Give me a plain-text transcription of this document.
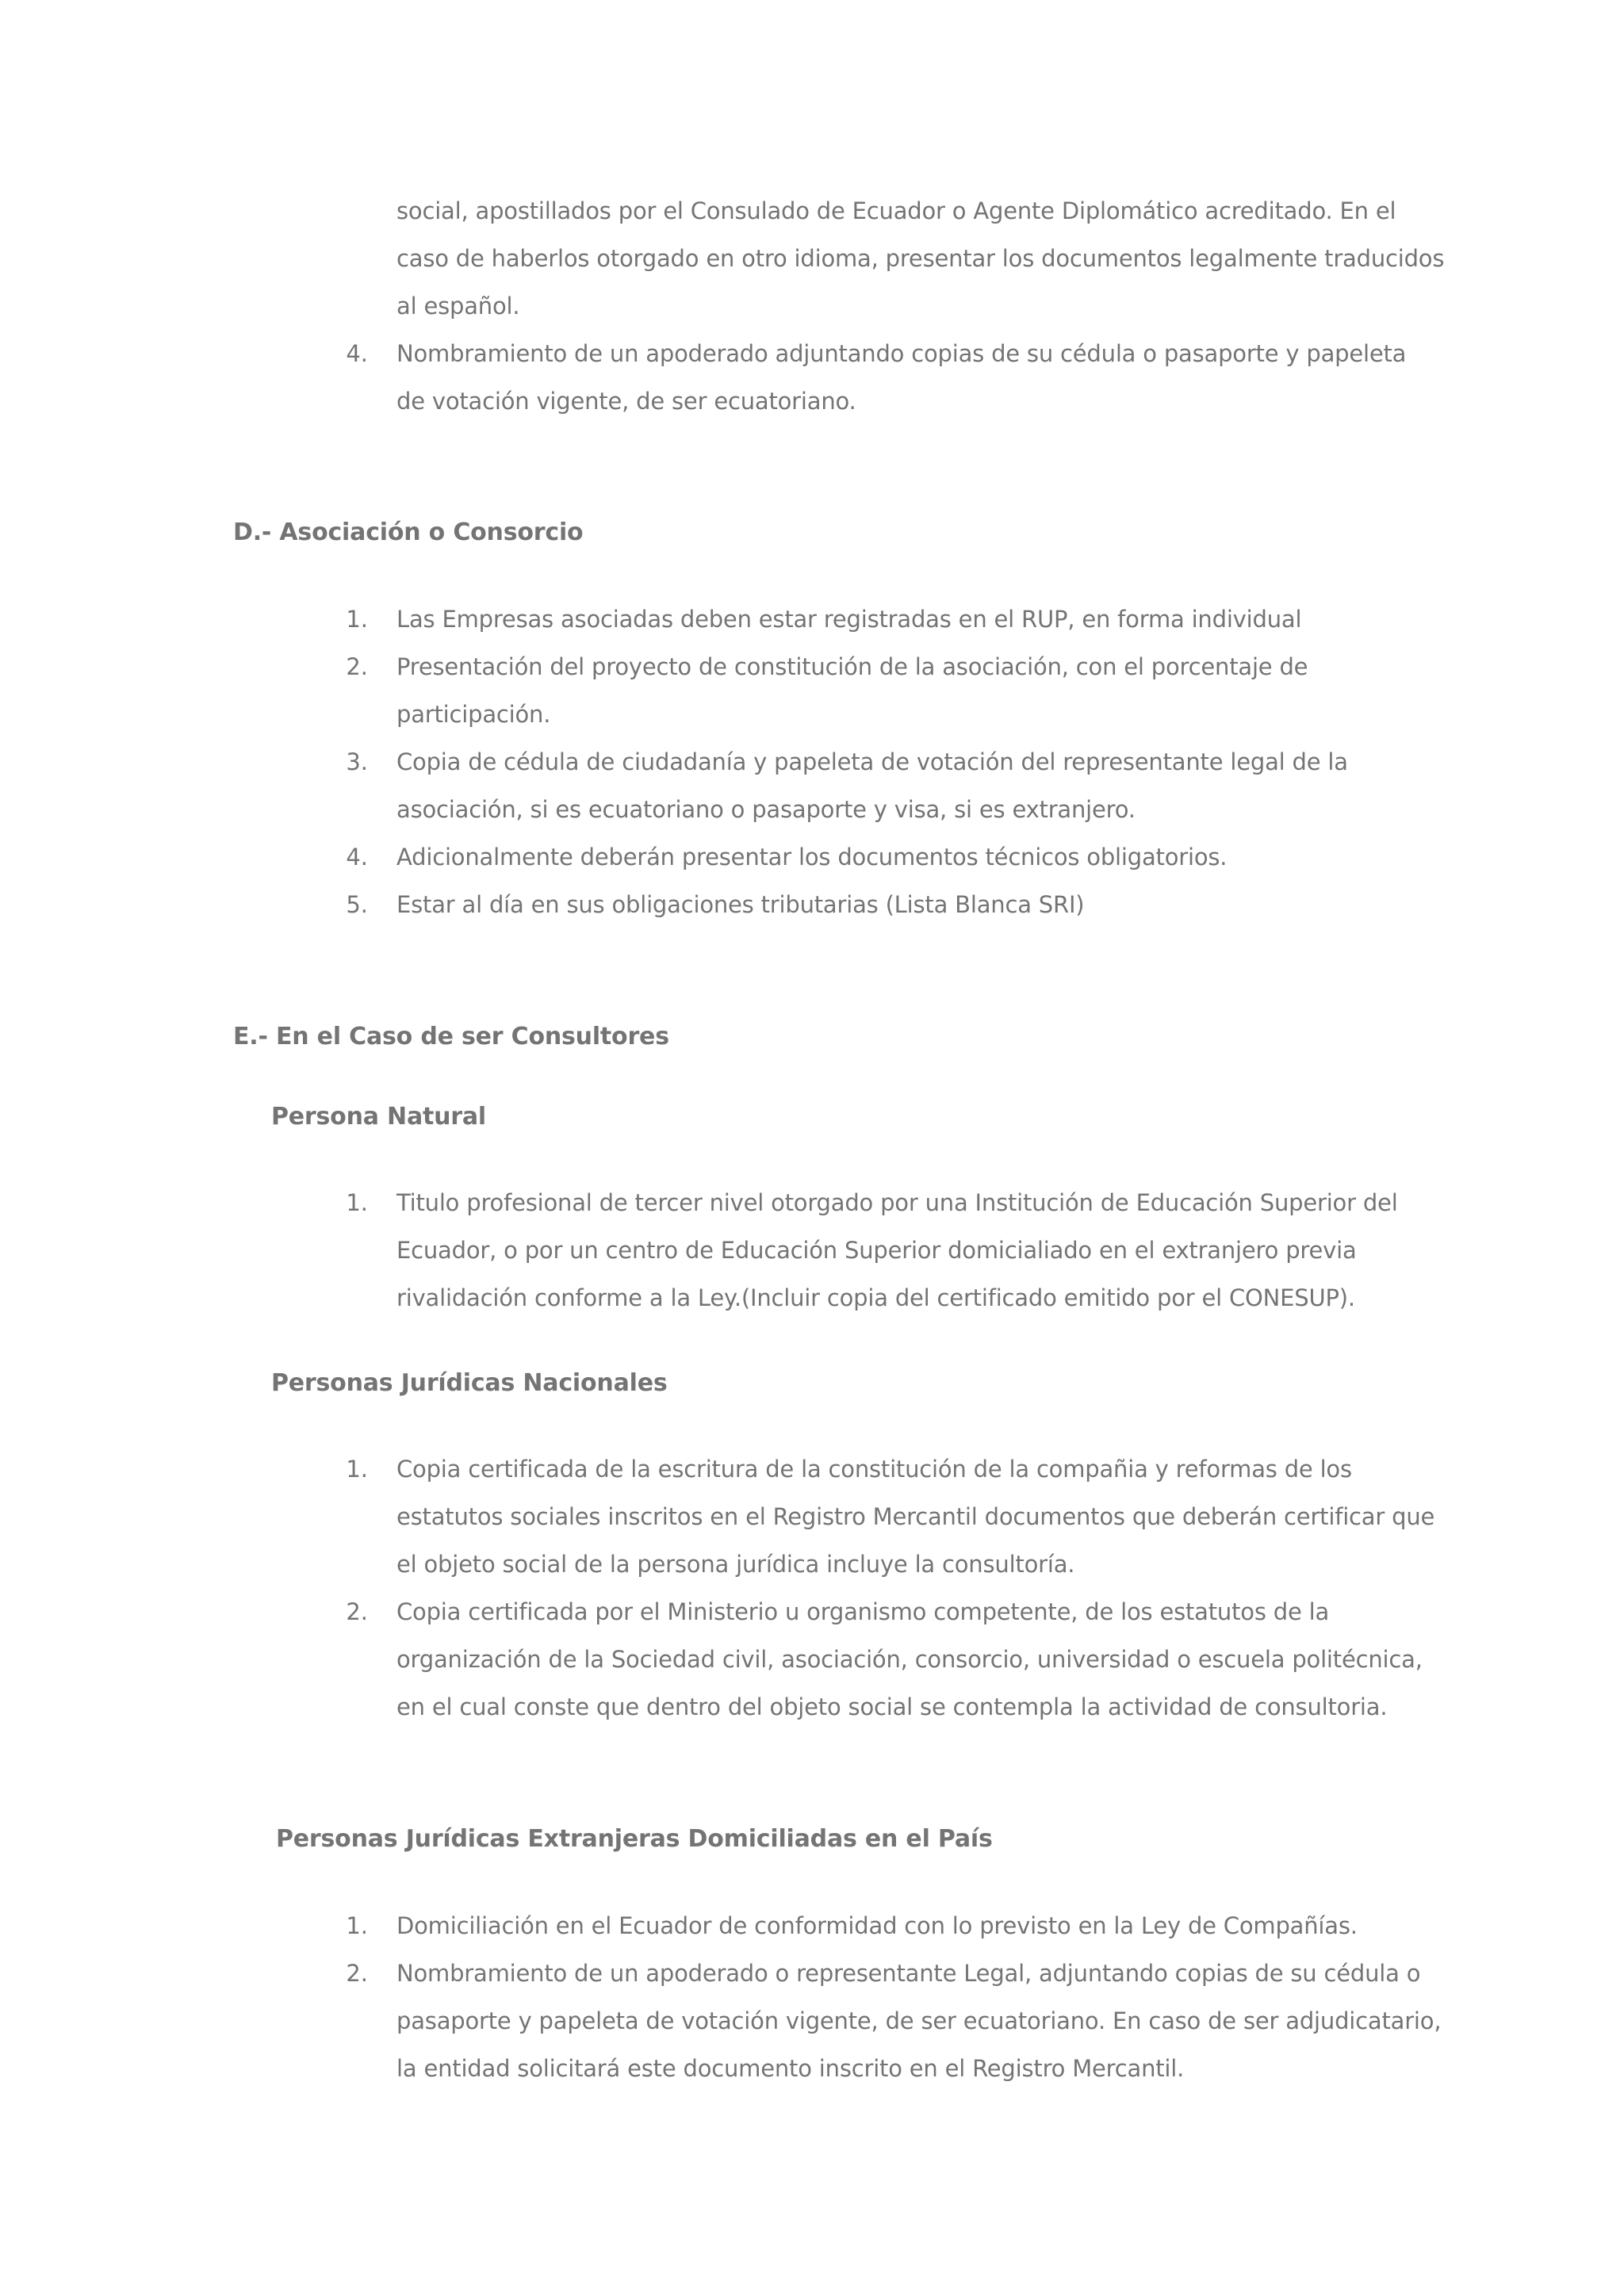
social, apostillados por el Consulado de Ecuador o Agente Diplomático acreditado. En el
caso de haberlos otorgado en otro idioma, presentar los documentos legalmente traducidos
al español.
4. Nombramiento de un apoderado adjuntando copias de su cédula o pasaporte y papeleta
de votación vigente, de ser ecuatoriano.
D.- Asociación o Consorcio
1. Las Empresas asociadas deben estar registradas en el RUP, en forma individual
2. Presentación del proyecto de constitución de la asociación, con el porcentaje de
participación.
3. Copia de cédula de ciudadanía y papeleta de votación del representante legal de la
asociación, si es ecuatoriano o pasaporte y visa, si es extranjero.
4. Adicionalmente deberán presentar los documentos técnicos obligatorios.
5. Estar al día en sus obligaciones tributarias (Lista Blanca SRI)
E.- En el Caso de ser Consultores
Persona Natural
1. Titulo profesional de tercer nivel otorgado por una Institución de Educación Superior del
Ecuador, o por un centro de Educación Superior domicialiado en el extranjero previa
rivalidación conforme a la Ley.(Incluir copia del certificado emitido por el CONESUP).
Personas Jurídicas Nacionales
1. Copia certificada de la escritura de la constitución de la compañia y reformas de los
estatutos sociales inscritos en el Registro Mercantil documentos que deberán certificar que
el objeto social de la persona jurídica incluye la consultoría.
2. Copia certificada por el Ministerio u organismo competente, de los estatutos de la
organización de la Sociedad civil, asociación, consorcio, universidad o escuela politécnica,
en el cual conste que dentro del objeto social se contempla la actividad de consultoria.
Personas Jurídicas Extranjeras Domiciliadas en el País
1. Domiciliación en el Ecuador de conformidad con lo previsto en la Ley de Compañías.
2. Nombramiento de un apoderado o representante Legal, adjuntando copias de su cédula o
pasaporte y papeleta de votación vigente, de ser ecuatoriano. En caso de ser adjudicatario,
la entidad solicitará este documento inscrito en el Registro Mercantil.
